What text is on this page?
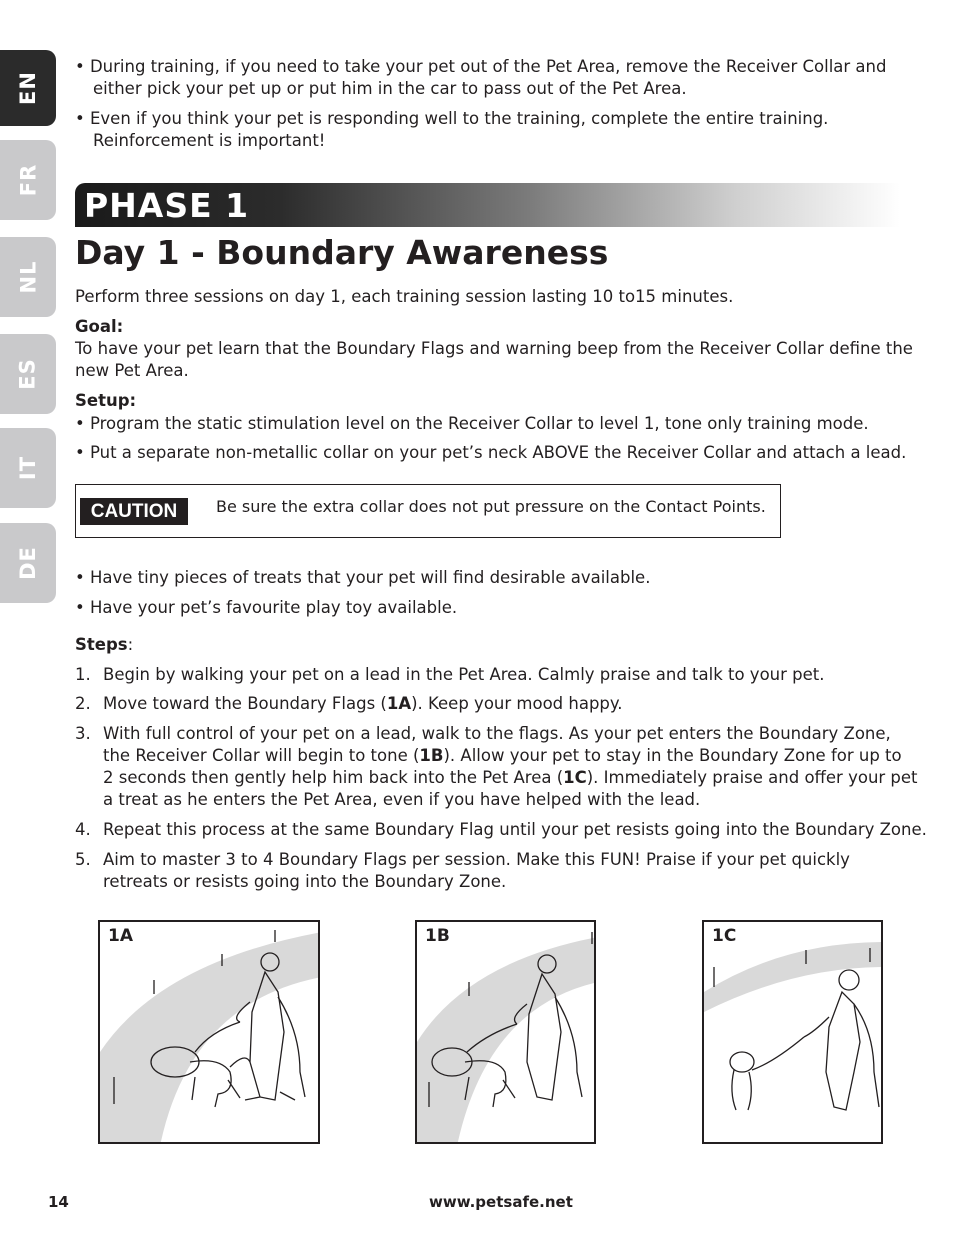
EN
FR
NL
ES
IT
DE
• During training, if you need to take your pet out of the Pet Area, remove the Receiver Collar and
either pick your pet up or put him in the car to pass out of the Pet Area.
• Even if you think your pet is responding well to the training, complete the entire training.
Reinforcement is important!
PHASE 1
Day 1 - Boundary Awareness
Perform three sessions on day 1, each training session lasting 10 to15 minutes.
Goal:
To have your pet learn that the Boundary Flags and warning beep from the Receiver Collar define the
new Pet Area.
Setup:
• Program the static stimulation level on the Receiver Collar to level 1, tone only training mode.
• Put a separate non-metallic collar on your pet’s neck ABOVE the Receiver Collar and attach a lead.
CAUTION	Be sure the extra collar does not put pressure on the Contact Points.
• Have tiny pieces of treats that your pet will find desirable available.
• Have your pet’s favourite play toy available.
Steps:
1. Begin by walking your pet on a lead in the Pet Area. Calmly praise and talk to your pet.
2. Move toward the Boundary Flags (1A). Keep your mood happy.
3. With full control of your pet on a lead, walk to the flags. As your pet enters the Boundary Zone,
the Receiver Collar will begin to tone (1B). Allow your pet to stay in the Boundary Zone for up to
2 seconds then gently help him back into the Pet Area (1C). Immediately praise and offer your pet
a treat as he enters the Pet Area, even if you have helped with the lead.
4. Repeat this process at the same Boundary Flag until your pet resists going into the Boundary Zone.
5. Aim to master 3 to 4 Boundary Flags per session. Make this FUN! Praise if your pet quickly
retreats or resists going into the Boundary Zone.
1A	1B	1C
14	www.petsafe.net
